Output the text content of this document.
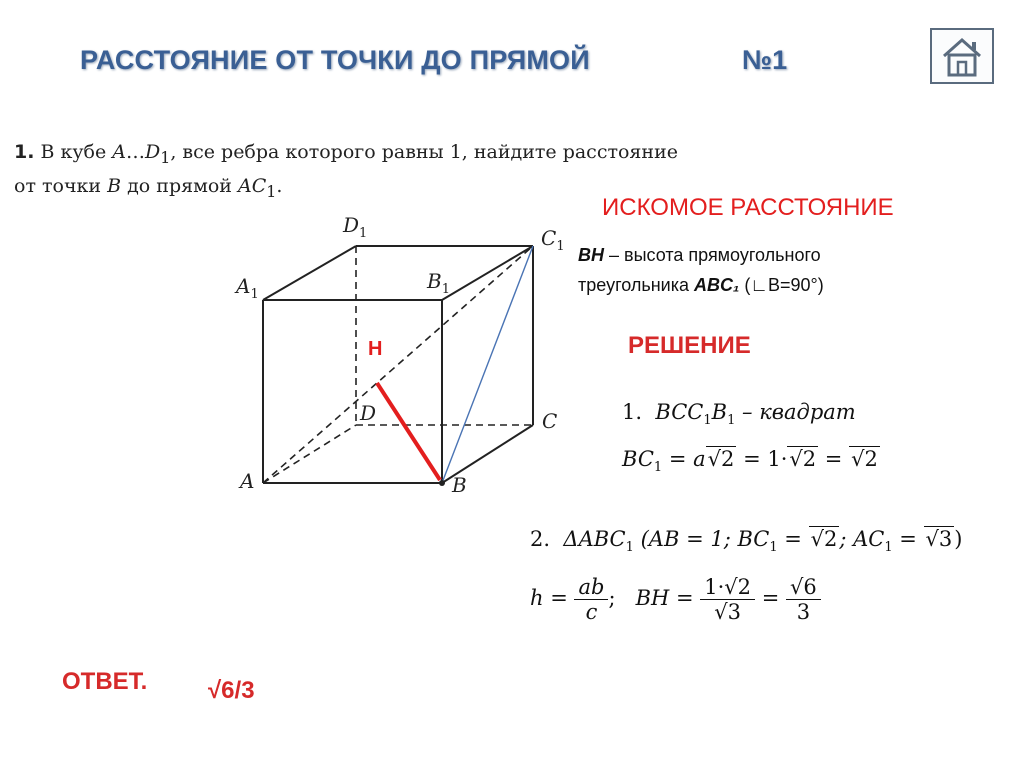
РАССТОЯНИЕ ОТ ТОЧКИ ДО ПРЯМОЙ	№1
1. В кубе $A\dots D_1$, все ребра которого равны 1, найдите расстояние
от точки B до прямой $AC_1$.
$D_1$	$C_1$
$A_1$
$B_1$
D	C
A	B
H
ИСКОМОЕ РАССТОЯНИЕ
BH – высота прямоугольного
треугольника ABC₁ (∟B=90°)
РЕШЕНИЕ
1. $BCC_1B_1$ – квадрат
$BC_1 = a√2 = 1\cdot√2 = √2$
2. $\Delta ABC_1$ (AB = 1; $BC_1 = √2$; $AC_1 = √3$)
$h = \frac{ab}{c}$ ; BH = $\frac{1\cdot√2}{√3} = \frac{√6}{3}$
ОТВЕТ.	√6/3
